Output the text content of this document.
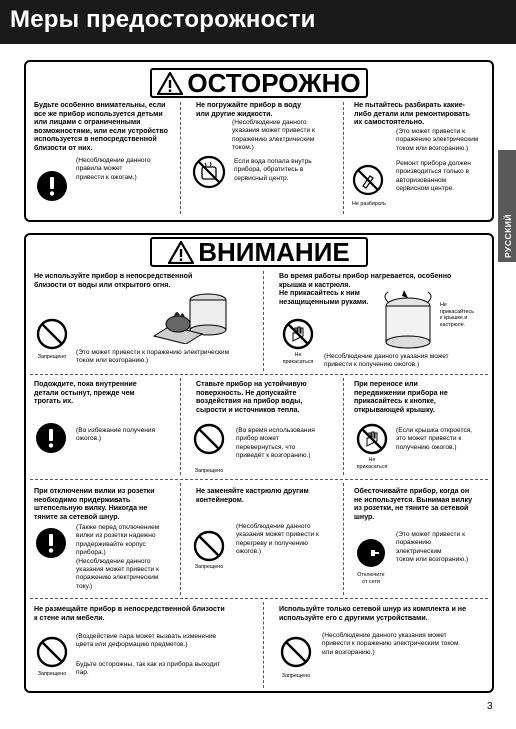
Меры предосторожности
РУССКИЙ
ОСТОРОЖНО
Будьте особенно внимательны, если
все же прибор используется детьми
или лицами с ограниченными
возможностями, или если устройство
используется в непосредственной
близости от них.
(Несоблюдение данного
правила может
привести к ожогам.)
Не погружайте прибор в воду
или другие жидкости.
(Несоблюдение данного
указания может привести к
поражению электрическим
током.)
Если вода попала внутрь
прибора, обратитесь в
сервисный центр.
Не пытайтесь разбирать какие-
либо детали или ремонтировать
их самостоятельно.
(Это может привести к
поражению электрическим
током или возгоранию.)
Не разбирать
Ремонт прибора должен
производиться только в
авторизованном
сервисном центре.
ВНИМАНИЕ
Не используйте прибор в непосредственной
близости от воды или открытого огня.
Запрещено
(Это может привести к поражению электрическим
током или возгоранию.)
Во время работы прибор нагревается, особенно
крышка и кастрюля.
Не прикасайтесь к ним
незащищенными руками.
Не
прикасаться
Не
прикасайтесь
к крышке и
кастрюле.
(Несоблюдение данного указания может
привести к получению ожогов.)
Подождите, пока внутренние
детали остынут, прежде чем
трогать их.
(Во избежание получения
ожогов.)
Ставьте прибор на устойчивую
поверхность. Не допускайте
воздействия на прибор воды,
сырости и источников тепла.
Запрещено
(Во время использования
прибор может
перевернуться, что
приведёт к возгоранию.)
При переносе или
передвижении прибора не
прикасайтесь к кнопке,
открывающей крышку.
Не
прикасаться
(Если крышка откроется,
это может привести к
получению ожогов.)
При отключении вилки из розетки
необходимо придерживать
штепсельную вилку. Никогда не
тяните за сетевой шнур.
(Также перед отключением
вилки из розетки надежно
придерживайте корпус
прибора.)
(Несоблюдение данного
указания может привести к
поражению электрическим
току.)
Не заменяйте кастрюлю другим
контейнером.
Запрещено
(Несоблюдение данного
указания может привести к
перегреву и получению
ожогов.)
Обесточивайте прибор, когда он
не используется. Вынимая вилку
из розетки, не тяните за сетевой
шнур.
Отключите
от сети
(Это может привести к
поражению
электрическим
током или возгоранию.)
Не размещайте прибор в непосредственной близости
к стене или мебели.
Запрещено
(Воздействие пара может вызвать изменение
цвета или деформацию предметов.)
Будьте осторожны, так как из прибора выходит
пар.
Используйте только сетевой шнур из комплекта и не
используйте его с другими устройствами.
Запрещено
(Несоблюдение данного указания может
привести к поражению электрическим током
или возгоранию.)
3
